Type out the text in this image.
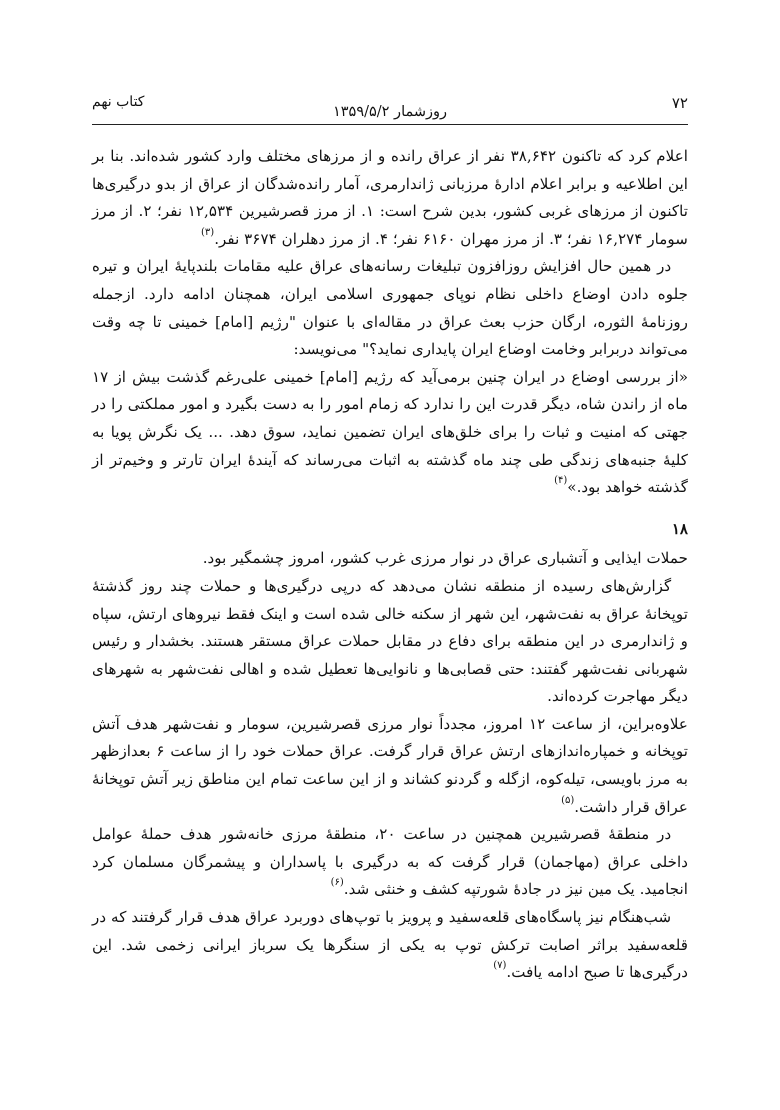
۷۲
روزشمار ۱۳۵۹/۵/۲
کتاب نهم

اعلام کرد که تاکنون ۳۸,۶۴۲ نفر از عراق رانده و از مرزهای مختلف وارد کشور شده‌اند. بنا بر این اطلاعیه و برابر اعلام ادارهٔ مرزبانی ژاندارمری، آمار رانده‌شدگان از عراق از بدو درگیری‌ها تاکنون از مرزهای غربی کشور، بدین شرح است: ۱. از مرز قصرشیرین ۱۲,۵۳۴ نفر؛ ۲. از مرز سومار ۱۶,۲۷۴ نفر؛ ۳. از مرز مهران ۶۱۶۰ نفر؛ ۴. از مرز دهلران ۳۶۷۴ نفر.$^{(۳)}$

در همین حال افزایش روزافزون تبلیغات رسانه‌های عراق علیه مقامات بلندپایهٔ ایران و تیره جلوه دادن اوضاع داخلی نظام نوپای جمهوری اسلامی ایران، همچنان ادامه دارد. ازجمله روزنامهٔ الثوره، ارگان حزب بعث عراق در مقاله‌ای با عنوان "رژیم [امام] خمینی تا چه وقت می‌تواند دربرابر وخامت اوضاع ایران پایداری نماید؟" می‌نویسد:

«از بررسی اوضاع در ایران چنین برمی‌آید که رژیم [امام] خمینی علی‌رغم گذشت بیش از ۱۷ ماه از راندن شاه، دیگر قدرت این را ندارد که زمام امور را به دست بگیرد و امور مملکتی را در جهتی که امنیت و ثبات را برای خلق‌های ایران تضمین نماید، سوق دهد. ... یک نگرش پویا به کلیهٔ جنبه‌های زندگی طی چند ماه گذشته به اثبات می‌رساند که آیندهٔ ایران تارتر و وخیم‌تر از گذشته خواهد بود.»$^{(۴)}$

۱۸

حملات ایذایی و آتشباری عراق در نوار مرزی غرب کشور، امروز چشمگیر بود.

گزارش‌های رسیده از منطقه نشان می‌دهد که درپی درگیری‌ها و حملات چند روز گذشتهٔ توپخانهٔ عراق به نفت‌شهر، این شهر از سکنه خالی شده است و اینک فقط نیروهای ارتش، سپاه و ژاندارمری در این منطقه برای دفاع در مقابل حملات عراق مستقر هستند. بخشدار و رئیس شهربانی نفت‌شهر گفتند: حتی قصابی‌ها و نانوایی‌ها تعطیل شده و اهالی نفت‌شهر به شهرهای دیگر مهاجرت کرده‌اند.

علاوه‌براین، از ساعت ۱۲ امروز، مجدداً نوار مرزی قصرشیرین، سومار و نفت‌شهر هدف آتش توپخانه و خمپاره‌اندازهای ارتش عراق قرار گرفت. عراق حملات خود را از ساعت ۶ بعدازظهر به مرز باویسی، تیله‌کوه، ازگله و گردنو کشاند و از این ساعت تمام این مناطق زیر آتش توپخانهٔ عراق قرار داشت.$^{(۵)}$

در منطقهٔ قصرشیرین همچنین در ساعت ۲۰، منطقهٔ مرزی خانه‌شور هدف حملهٔ عوامل داخلی عراق (مهاجمان) قرار گرفت که به درگیری با پاسداران و پیشمرگان مسلمان کرد انجامید. یک مین نیز در جادهٔ شورتپه کشف و خنثی شد.$^{(۶)}$

شب‌هنگام نیز پاسگاه‌های قلعه‌سفید و پرویز با توپ‌های دوربرد عراق هدف قرار گرفتند که در قلعه‌سفید براثر اصابت ترکش توپ به یکی از سنگرها یک سرباز ایرانی زخمی شد. این درگیری‌ها تا صبح ادامه یافت.$^{(۷)}$
